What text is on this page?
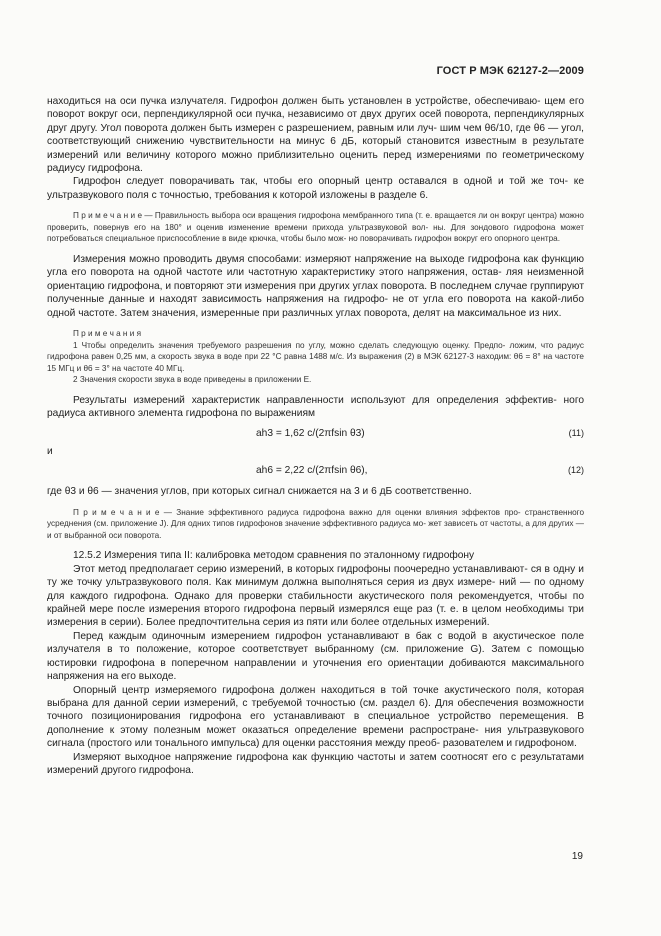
ГОСТ Р МЭК 62127-2—2009

находиться на оси пучка излучателя. Гидрофон должен быть установлен в устройстве, обеспечиваю- щем его поворот вокруг оси, перпендикулярной оси пучка, независимо от двух других осей поворота, перпендикулярных друг другу. Угол поворота должен быть измерен с разрешением, равным или луч- шим чем θ6/10, где θ6 — угол, соответствующий снижению чувствительности на минус 6 дБ, который становится известным в результате измерений или величину которого можно приблизительно оценить перед измерениями по геометрическому радиусу гидрофона.

Гидрофон следует поворачивать так, чтобы его опорный центр оставался в одной и той же точ- ке ультразвукового поля с точностью, требования к которой изложены в разделе 6.

П р и м е ч а н и е — Правильность выбора оси вращения гидрофона мембранного типа (т. е. вращается ли он вокруг центра) можно проверить, повернув его на 180° и оценив изменение времени прихода ультразвуковой вол- ны. Для зондового гидрофона может потребоваться специальное приспособление в виде крючка, чтобы было мож- но поворачивать гидрофон вокруг его опорного центра.

Измерения можно проводить двумя способами: измеряют напряжение на выходе гидрофона как функцию угла его поворота на одной частоте или частотную характеристику этого напряжения, остав- ляя неизменной ориентацию гидрофона, и повторяют эти измерения при других углах поворота. В последнем случае группируют полученные данные и находят зависимость напряжения на гидрофо- не от угла его поворота на какой-либо одной частоте. Затем значения, измеренные при различных углах поворота, делят на максимальное из них.

П р и м е ч а н и я

1 Чтобы определить значения требуемого разрешения по углу, можно сделать следующую оценку. Предпо- ложим, что радиус гидрофона равен 0,25 мм, а скорость звука в воде при 22 °С равна 1488 м/с. Из выражения (2) в МЭК 62127-3 находим: θ6 = 8° на частоте 15 МГц и θ6 = 3° на частоте 40 МГц.

2 Значения скорости звука в воде приведены в приложении Е.

Результаты измерений характеристик направленности используют для определения эффектив- ного радиуса активного элемента гидрофона по выражениям

ah3 = 1,62 c/(2πfsin θ3)	(11)

и

ah6 = 2,22 c/(2πfsin θ6),	(12)

где θ3 и θ6 — значения углов, при которых сигнал снижается на 3 и 6 дБ соответственно.

П р и м е ч а н и е — Знание эффективного радиуса гидрофона важно для оценки влияния эффектов про- странственного усреднения (см. приложение J). Для одних типов гидрофонов значение эффективного радиуса мо- жет зависеть от частоты, а для других — и от выбранной оси поворота.

12.5.2 Измерения типа II: калибровка методом сравнения по эталонному гидрофону

Этот метод предполагает серию измерений, в которых гидрофоны поочередно устанавливают- ся в одну и ту же точку ультразвукового поля. Как минимум должна выполняться серия из двух измере- ний — по одному для каждого гидрофона. Однако для проверки стабильности акустического поля рекомендуется, чтобы по крайней мере после измерения второго гидрофона первый измерялся еще раз (т. е. в целом необходимы три измерения в серии). Более предпочтительна серия из пяти или более отдельных измерений.

Перед каждым одиночным измерением гидрофон устанавливают в бак с водой в акустическое поле излучателя в то положение, которое соответствует выбранному (см. приложение G). Затем с помощью юстировки гидрофона в поперечном направлении и уточнения его ориентации добиваются максимального напряжения на его выходе.

Опорный центр измеряемого гидрофона должен находиться в той точке акустического поля, которая выбрана для данной серии измерений, с требуемой точностью (см. раздел 6). Для обеспечения возможности точного позиционирования гидрофона его устанавливают в специальное устройство перемещения. В дополнение к этому полезным может оказаться определение времени распростране- ния ультразвукового сигнала (простого или тонального импульса) для оценки расстояния между преоб- разователем и гидрофоном.

Измеряют выходное напряжение гидрофона как функцию частоты и затем соотносят его с результатами измерений другого гидрофона.

19
